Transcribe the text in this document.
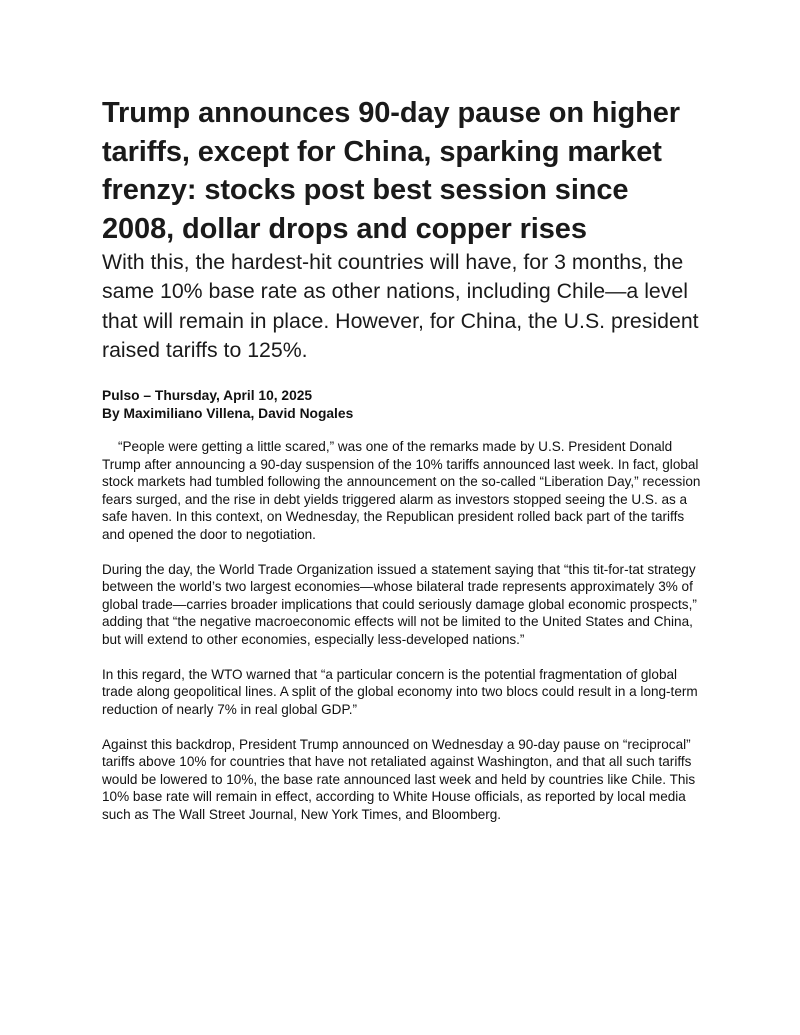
Trump announces 90-day pause on higher tariffs, except for China, sparking market frenzy: stocks post best session since 2008, dollar drops and copper rises

With this, the hardest-hit countries will have, for 3 months, the same 10% base rate as other nations, including Chile—a level that will remain in place. However, for China, the U.S. president raised tariffs to 125%.

Pulso – Thursday, April 10, 2025
By Maximiliano Villena, David Nogales

“People were getting a little scared,” was one of the remarks made by U.S. President Donald Trump after announcing a 90-day suspension of the 10% tariffs announced last week. In fact, global stock markets had tumbled following the announcement on the so-called “Liberation Day,” recession fears surged, and the rise in debt yields triggered alarm as investors stopped seeing the U.S. as a safe haven. In this context, on Wednesday, the Republican president rolled back part of the tariffs and opened the door to negotiation.

During the day, the World Trade Organization issued a statement saying that “this tit-for-tat strategy between the world’s two largest economies—whose bilateral trade represents approximately 3% of global trade—carries broader implications that could seriously damage global economic prospects,” adding that “the negative macroeconomic effects will not be limited to the United States and China, but will extend to other economies, especially less-developed nations.”

In this regard, the WTO warned that “a particular concern is the potential fragmentation of global trade along geopolitical lines. A split of the global economy into two blocs could result in a long-term reduction of nearly 7% in real global GDP.”

Against this backdrop, President Trump announced on Wednesday a 90-day pause on “reciprocal” tariffs above 10% for countries that have not retaliated against Washington, and that all such tariffs would be lowered to 10%, the base rate announced last week and held by countries like Chile. This 10% base rate will remain in effect, according to White House officials, as reported by local media such as The Wall Street Journal, New York Times, and Bloomberg.
